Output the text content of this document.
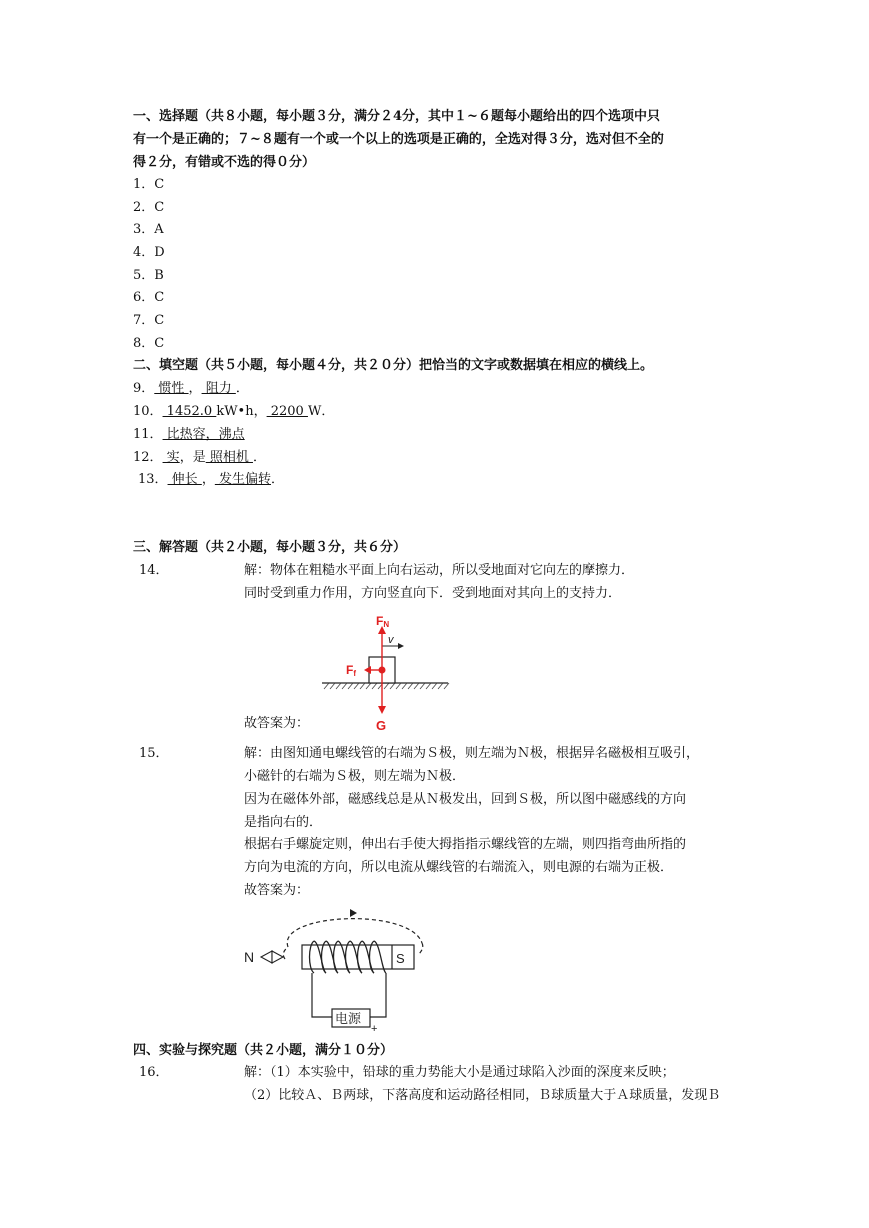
一、选择题（共８小题，每小题３分，满分２4分，其中１~６题每小题给出的四个选项中只
有一个是正确的；７~８题有一个或一个以上的选项是正确的，全选对得３分，选对但不全的
得２分，有错或不选的得０分）
1．C
2．C
3．A
4．D
5．B
6．C
7．C
8．C
二、填空题（共５小题，每小题４分，共２０分）把恰当的文字或数据填在相应的横线上。
9． 惯性 ， 阻力 ．
10． 1452.0 kW•h， 2200 W．
11． 比热容，沸点
12． 实，是 照相机 ．
13． 伸长 ， 发生偏转．
三、解答题（共２小题，每小题３分，共６分）
14．	解：物体在粗糙水平面上向右运动，所以受地面对它向左的摩擦力．
同时受到重力作用，方向竖直向下．受到地面对其向上的支持力．
v
FN
Ff
G
故答案为：
15．	解：由图知通电螺线管的右端为Ｓ极，则左端为Ｎ极，根据异名磁极相互吸引，
小磁针的右端为Ｓ极，则左端为Ｎ极．
因为在磁体外部，磁感线总是从Ｎ极发出，回到Ｓ极，所以图中磁感线的方向
是指向右的．
根据右手螺旋定则，伸出右手使大拇指指示螺线管的左端，则四指弯曲所指的
方向为电流的方向，所以电流从螺线管的右端流入，则电源的右端为正极．
故答案为：
S
电源
+
N
四、实验与探究题（共２小题，满分１０分）
16．	解：（1）本实验中，铅球的重力势能大小是通过球陷入沙面的深度来反映；
（2）比较Ａ、Ｂ两球，下落高度和运动路径相同，Ｂ球质量大于Ａ球质量，发现Ｂ
